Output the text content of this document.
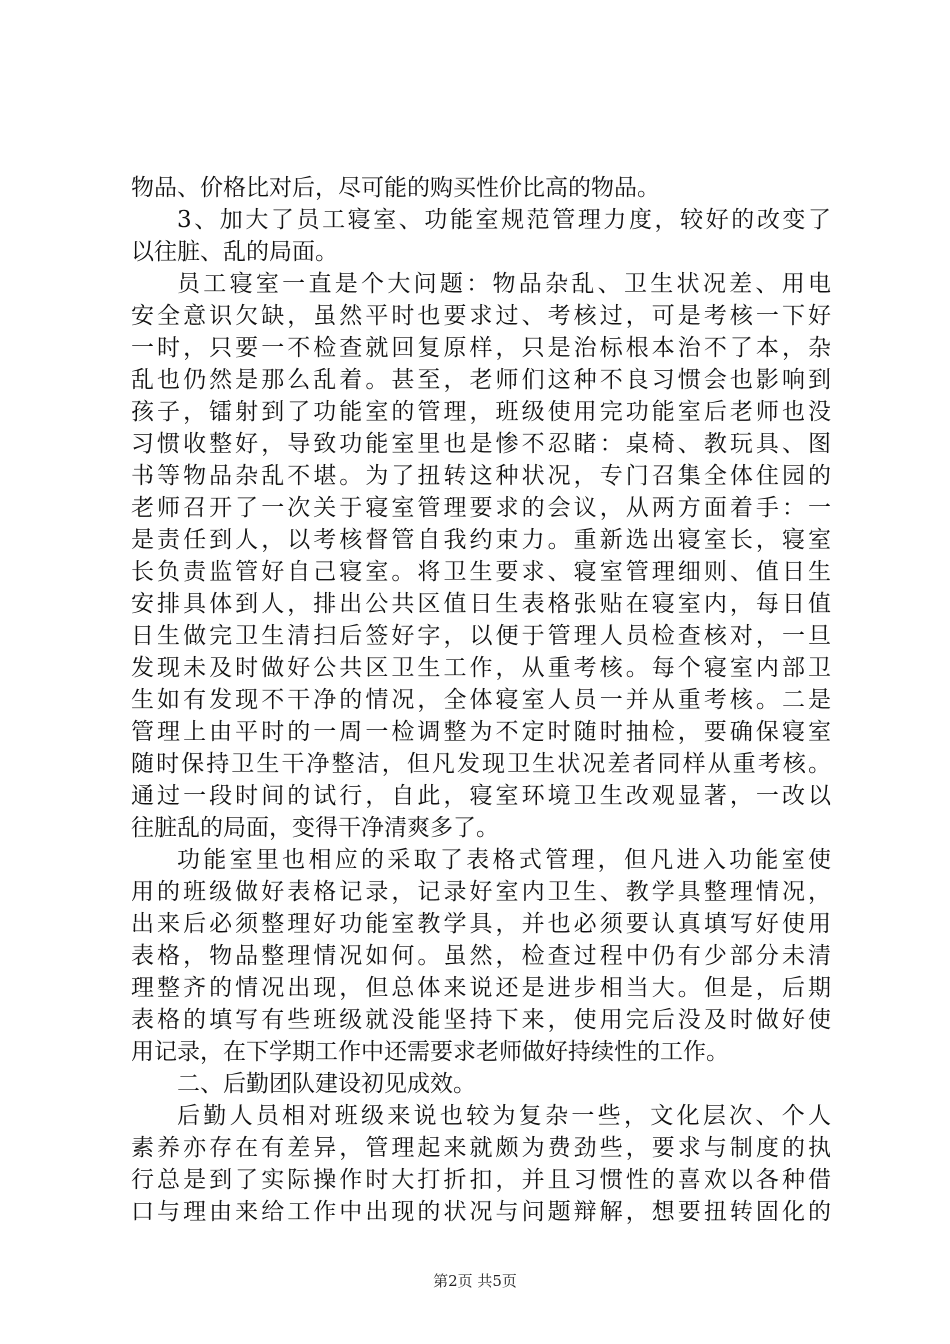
物品、价格比对后，尽可能的购买性价比高的物品。
3、加大了员工寝室、功能室规范管理力度，较好的改变了
以往脏、乱的局面。
员工寝室一直是个大问题：物品杂乱、卫生状况差、用电
安全意识欠缺，虽然平时也要求过、考核过，可是考核一下好
一时，只要一不检查就回复原样，只是治标根本治不了本，杂
乱也仍然是那么乱着。甚至，老师们这种不良习惯会也影响到
孩子，镭射到了功能室的管理，班级使用完功能室后老师也没
习惯收整好，导致功能室里也是惨不忍睹：桌椅、教玩具、图
书等物品杂乱不堪。为了扭转这种状况，专门召集全体住园的
老师召开了一次关于寝室管理要求的会议，从两方面着手：一
是责任到人，以考核督管自我约束力。重新选出寝室长，寝室
长负责监管好自己寝室。将卫生要求、寝室管理细则、值日生
安排具体到人，排出公共区值日生表格张贴在寝室内，每日值
日生做完卫生清扫后签好字，以便于管理人员检查核对，一旦
发现未及时做好公共区卫生工作，从重考核。每个寝室内部卫
生如有发现不干净的情况，全体寝室人员一并从重考核。二是
管理上由平时的一周一检调整为不定时随时抽检，要确保寝室
随时保持卫生干净整洁，但凡发现卫生状况差者同样从重考核。
通过一段时间的试行，自此，寝室环境卫生改观显著，一改以
往脏乱的局面，变得干净清爽多了。
功能室里也相应的采取了表格式管理，但凡进入功能室使
用的班级做好表格记录，记录好室内卫生、教学具整理情况，
出来后必须整理好功能室教学具，并也必须要认真填写好使用
表格，物品整理情况如何。虽然，检查过程中仍有少部分未清
理整齐的情况出现，但总体来说还是进步相当大。但是，后期
表格的填写有些班级就没能坚持下来，使用完后没及时做好使
用记录，在下学期工作中还需要求老师做好持续性的工作。
二、后勤团队建设初见成效。
后勤人员相对班级来说也较为复杂一些，文化层次、个人
素养亦存在有差异，管理起来就颇为费劲些，要求与制度的执
行总是到了实际操作时大打折扣，并且习惯性的喜欢以各种借
口与理由来给工作中出现的状况与问题辩解，想要扭转固化的
第2页 共5页
